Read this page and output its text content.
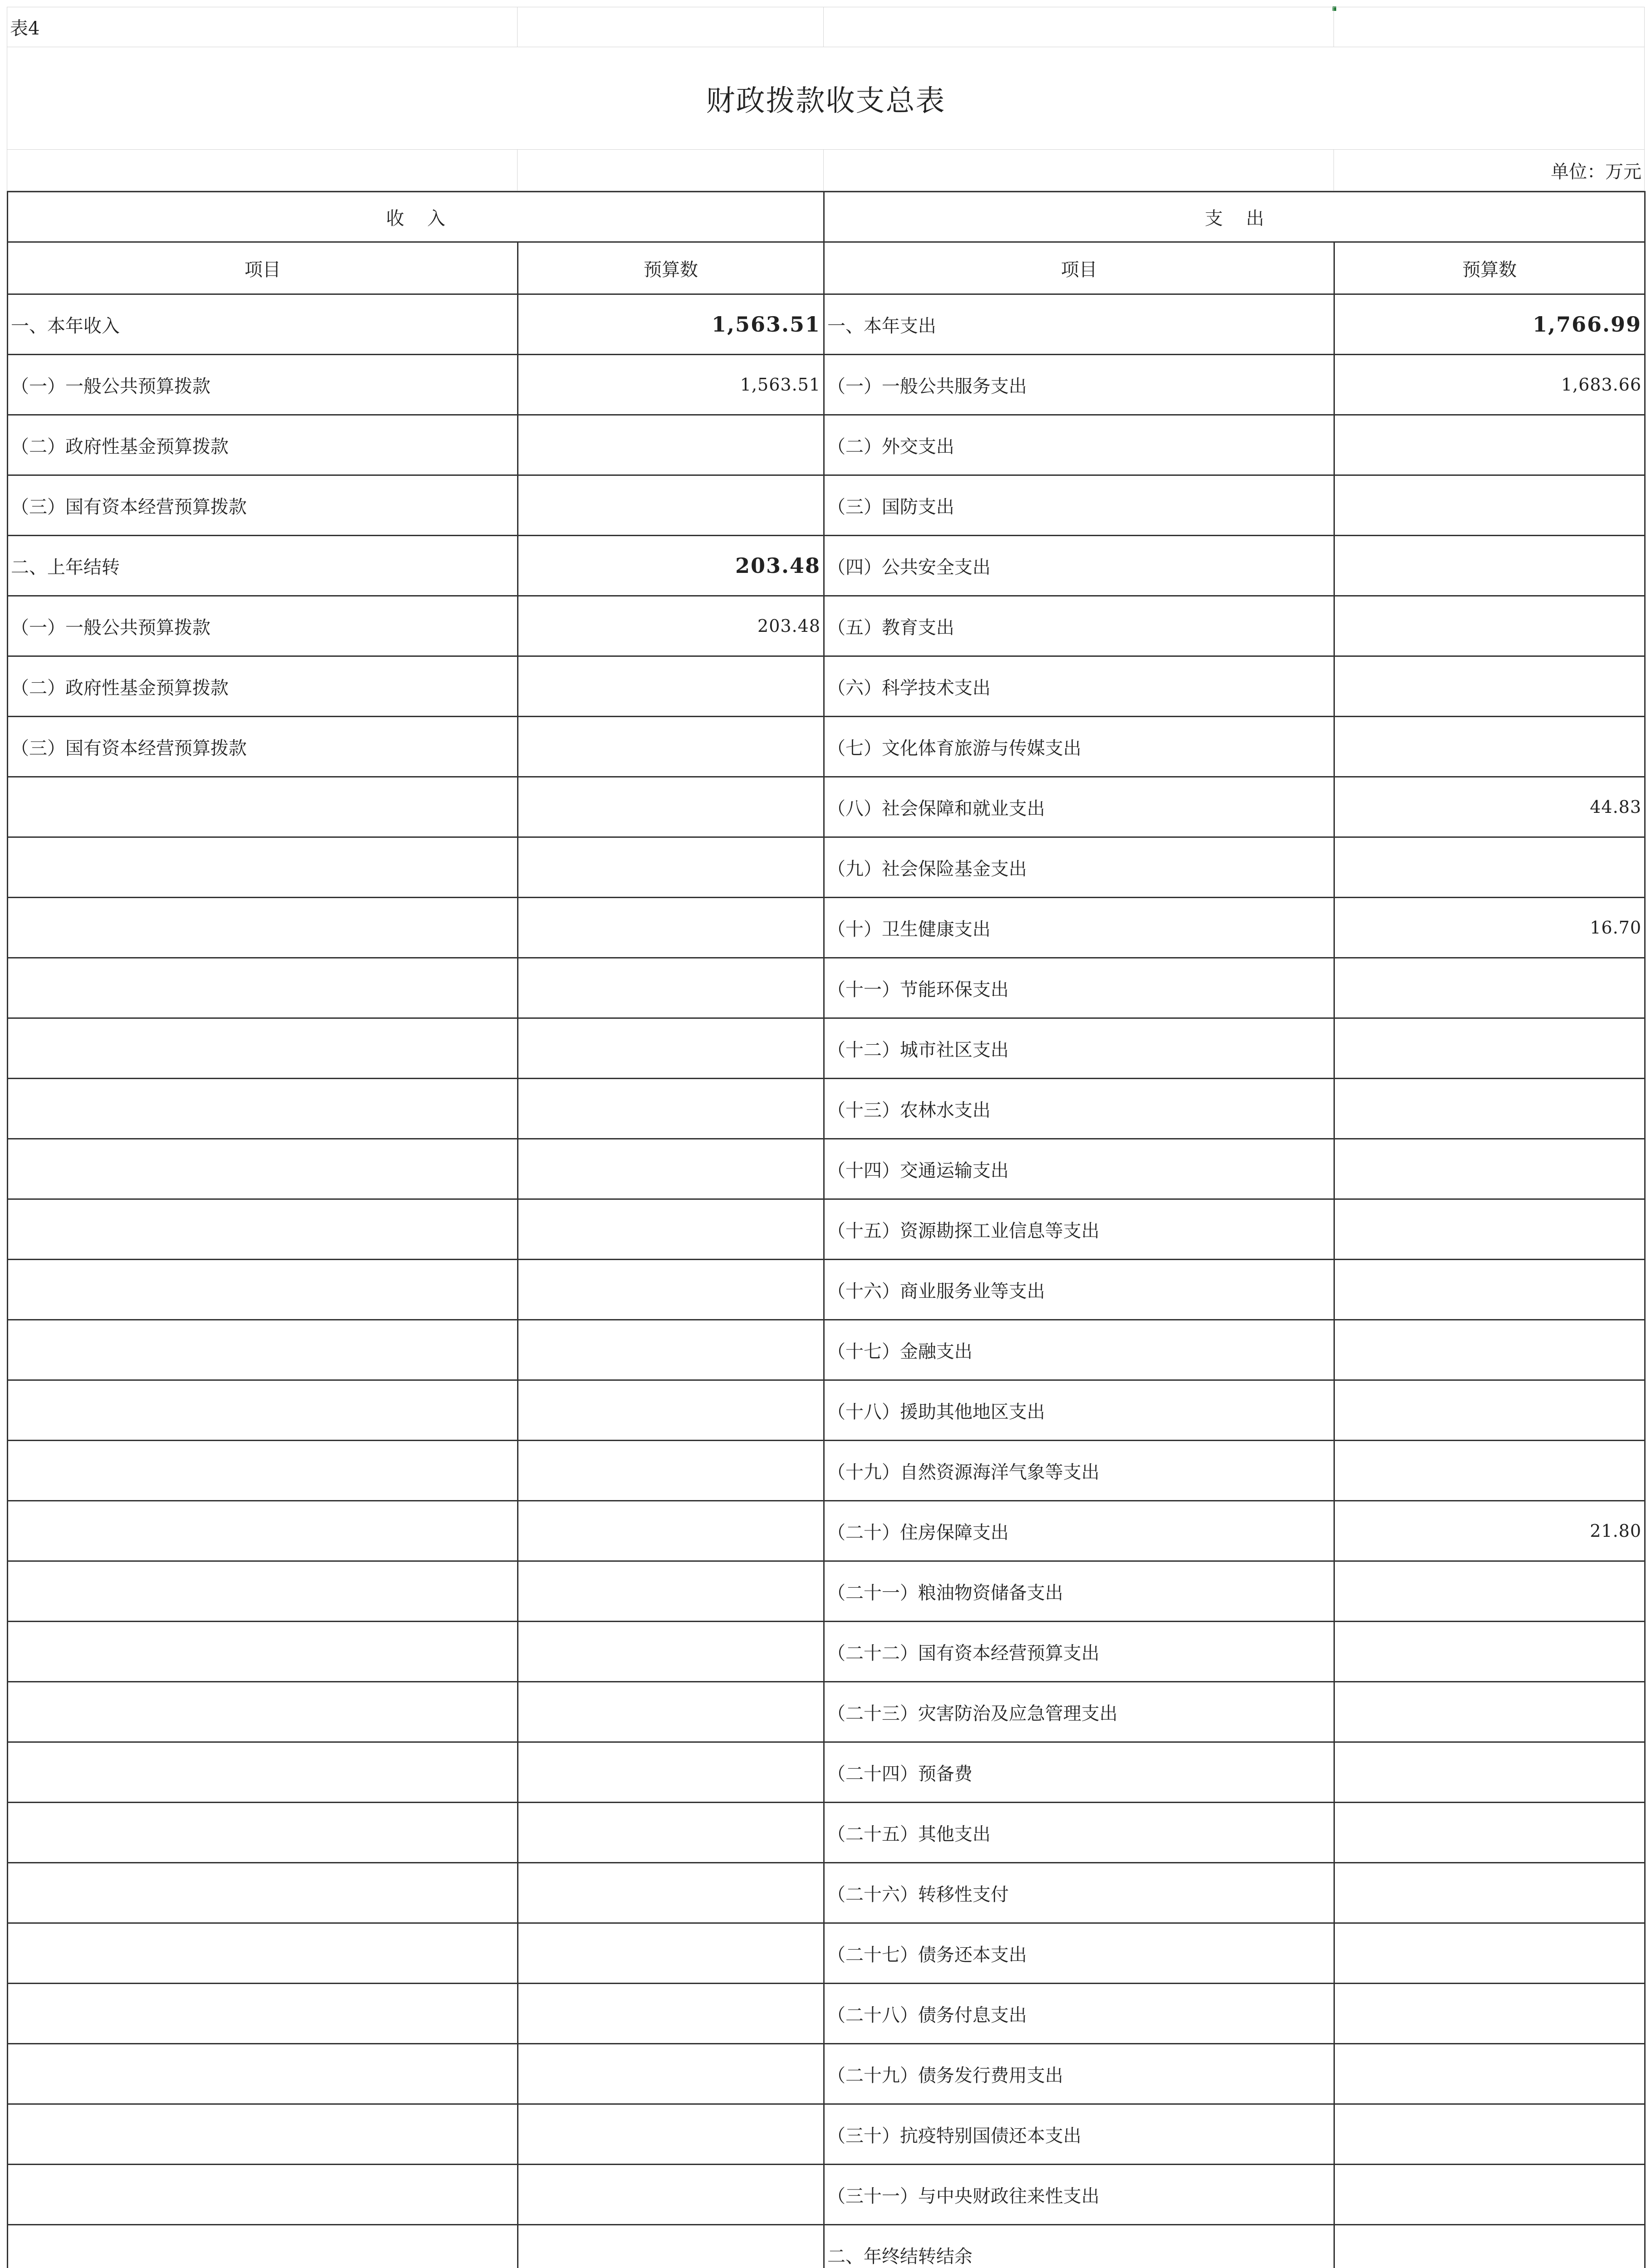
表4			
财政拨款收支总表			
			单位：万元
收    入		支    出	
项目	预算数	项目	预算数
一、本年收入	1,563.51	一、本年支出	1,766.99
（一）一般公共预算拨款	1,563.51	（一）一般公共服务支出	1,683.66
（二）政府性基金预算拨款		（二）外交支出	
（三）国有资本经营预算拨款		（三）国防支出	
二、上年结转	203.48	（四）公共安全支出	
（一）一般公共预算拨款	203.48	（五）教育支出	
（二）政府性基金预算拨款		（六）科学技术支出	
（三）国有资本经营预算拨款		（七）文化体育旅游与传媒支出	
		（八）社会保障和就业支出	44.83
		（九）社会保险基金支出	
		（十）卫生健康支出	16.70
		（十一）节能环保支出	
		（十二）城市社区支出	
		（十三）农林水支出	
		（十四）交通运输支出	
		（十五）资源勘探工业信息等支出	
		（十六）商业服务业等支出	
		（十七）金融支出	
		（十八）援助其他地区支出	
		（十九）自然资源海洋气象等支出	
		（二十）住房保障支出	21.80
		（二十一）粮油物资储备支出	
		（二十二）国有资本经营预算支出	
		（二十三）灾害防治及应急管理支出	
		（二十四）预备费	
		（二十五）其他支出	
		（二十六）转移性支付	
		（二十七）债务还本支出	
		（二十八）债务付息支出	
		（二十九）债务发行费用支出	
		（三十）抗疫特别国债还本支出	
		（三十一）与中央财政往来性支出	
		二、年终结转结余	
